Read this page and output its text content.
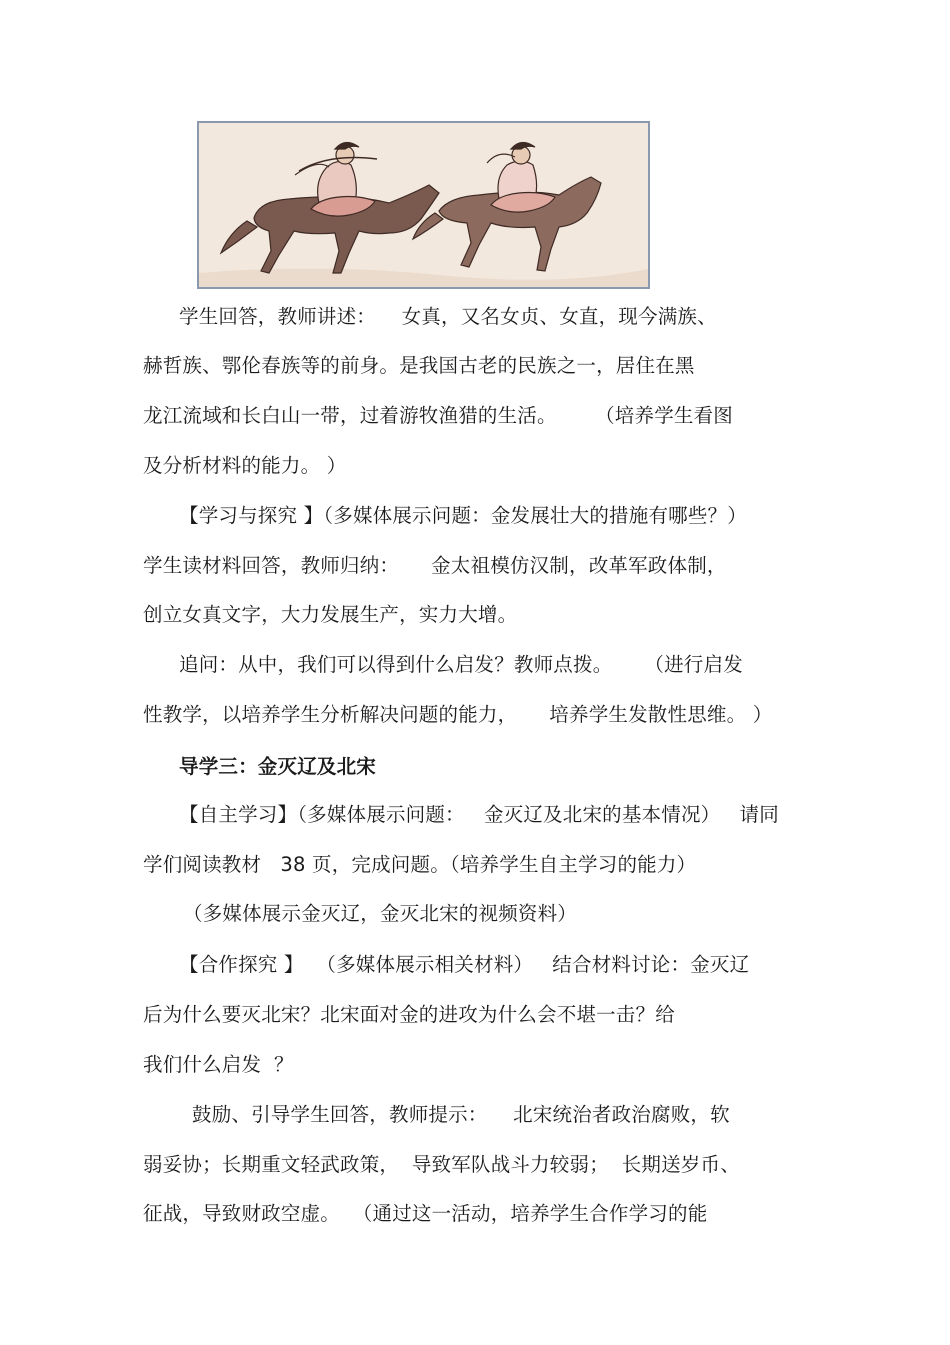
学生回答，教师讲述：    女真，又名女贞、女直，现今满族、
赫哲族、鄂伦春族等的前身。是我国古老的民族之一，居住在黑
龙江流域和长白山一带，过着游牧渔猎的生活。      （培养学生看图
及分析材料的能力。 ）
【学习与探究 】（多媒体展示问题：金发展壮大的措施有哪些？）
学生读材料回答，教师归纳：     金太祖模仿汉制，改革军政体制，
创立女真文字，大力发展生产，实力大增。
追问：从中，我们可以得到什么启发？教师点拨。     （进行启发
性教学，以培养学生分析解决问题的能力，     培养学生发散性思维。 ）
导学三：金灭辽及北宋
【自主学习】（多媒体展示问题：   金灭辽及北宋的基本情况）   请同
学们阅读教材   38 页，完成问题。（培养学生自主学习的能力）
（多媒体展示金灭辽，金灭北宋的视频资料）
【合作探究 】  （多媒体展示相关材料）   结合材料讨论：金灭辽
后为什么要灭北宋？北宋面对金的进攻为什么会不堪一击？给
我们什么启发  ？
鼓励、引导学生回答，教师提示：    北宋统治者政治腐败，软
弱妥协；长期重文轻武政策，  导致军队战斗力较弱；  长期送岁币、
征战，导致财政空虚。  （通过这一活动，培养学生合作学习的能
